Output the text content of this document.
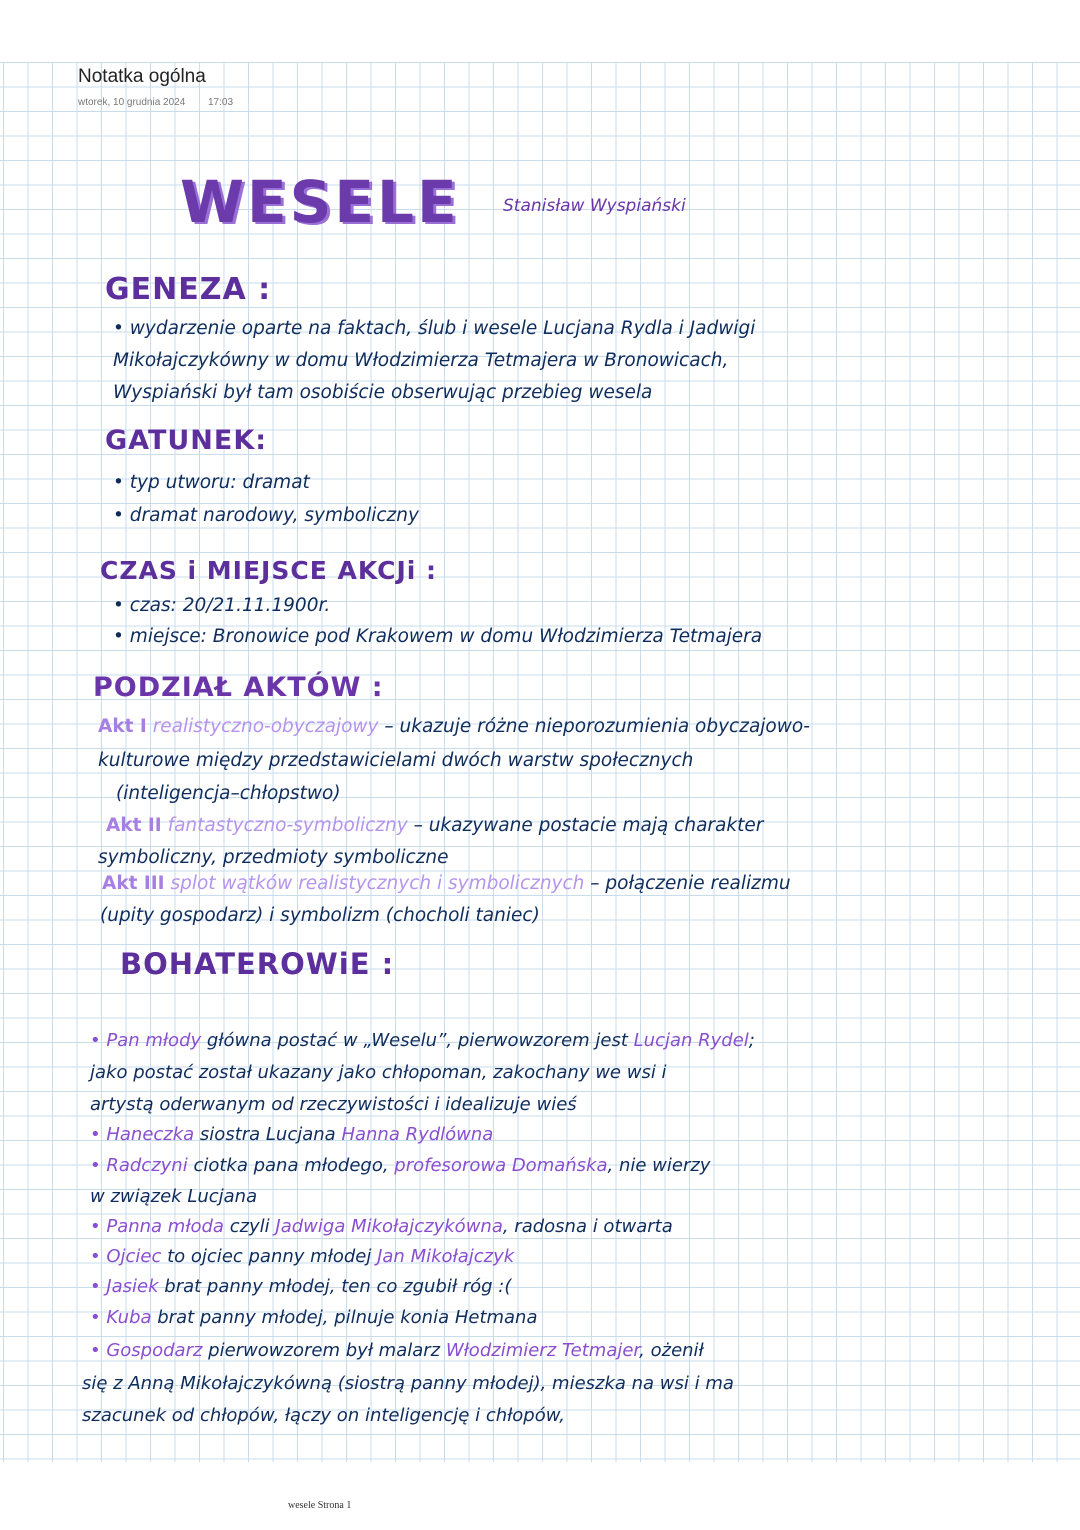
Notatka ogólna
wtorek, 10 grudnia 2024 17:03
WESELE	Stanisław Wyspiański
GENEZA :
• wydarzenie oparte na faktach, ślub i wesele Lucjana Rydla i Jadwigi
Mikołajczykówny w domu Włodzimierza Tetmajera w Bronowicach,
Wyspiański był tam osobiście obserwując przebieg wesela
GATUNEK:
• typ utworu: dramat
• dramat narodowy, symboliczny
CZAS i MIEJSCE AKCJi :
• czas: 20/21.11.1900r.
• miejsce: Bronowice pod Krakowem w domu Włodzimierza Tetmajera
PODZIAŁ AKTÓW :
Akt I realistyczno-obyczajowy – ukazuje różne nieporozumienia obyczajowo-
kulturowe między przedstawicielami dwóch warstw społecznych
(inteligencja–chłopstwo)
Akt II fantastyczno-symboliczny – ukazywane postacie mają charakter
symboliczny, przedmioty symboliczne
Akt III splot wątków realistycznych i symbolicznych – połączenie realizmu
(upity gospodarz) i symbolizm (chocholi taniec)
BOHATEROWiE :
• Pan młody główna postać w „Weselu”, pierwowzorem jest Lucjan Rydel;
jako postać został ukazany jako chłopoman, zakochany we wsi i
artystą oderwanym od rzeczywistości i idealizuje wieś
• Haneczka siostra Lucjana Hanna Rydlówna
• Radczyni ciotka pana młodego, profesorowa Domańska, nie wierzy
w związek Lucjana
• Panna młoda czyli Jadwiga Mikołajczykówna, radosna i otwarta
• Ojciec to ojciec panny młodej Jan Mikołajczyk
• Jasiek brat panny młodej, ten co zgubił róg :(
• Kuba brat panny młodej, pilnuje konia Hetmana
• Gospodarz pierwowzorem był malarz Włodzimierz Tetmajer, ożenił
się z Anną Mikołajczykówną (siostrą panny młodej), mieszka na wsi i ma
szacunek od chłopów, łączy on inteligencję i chłopów,
wesele Strona 1
